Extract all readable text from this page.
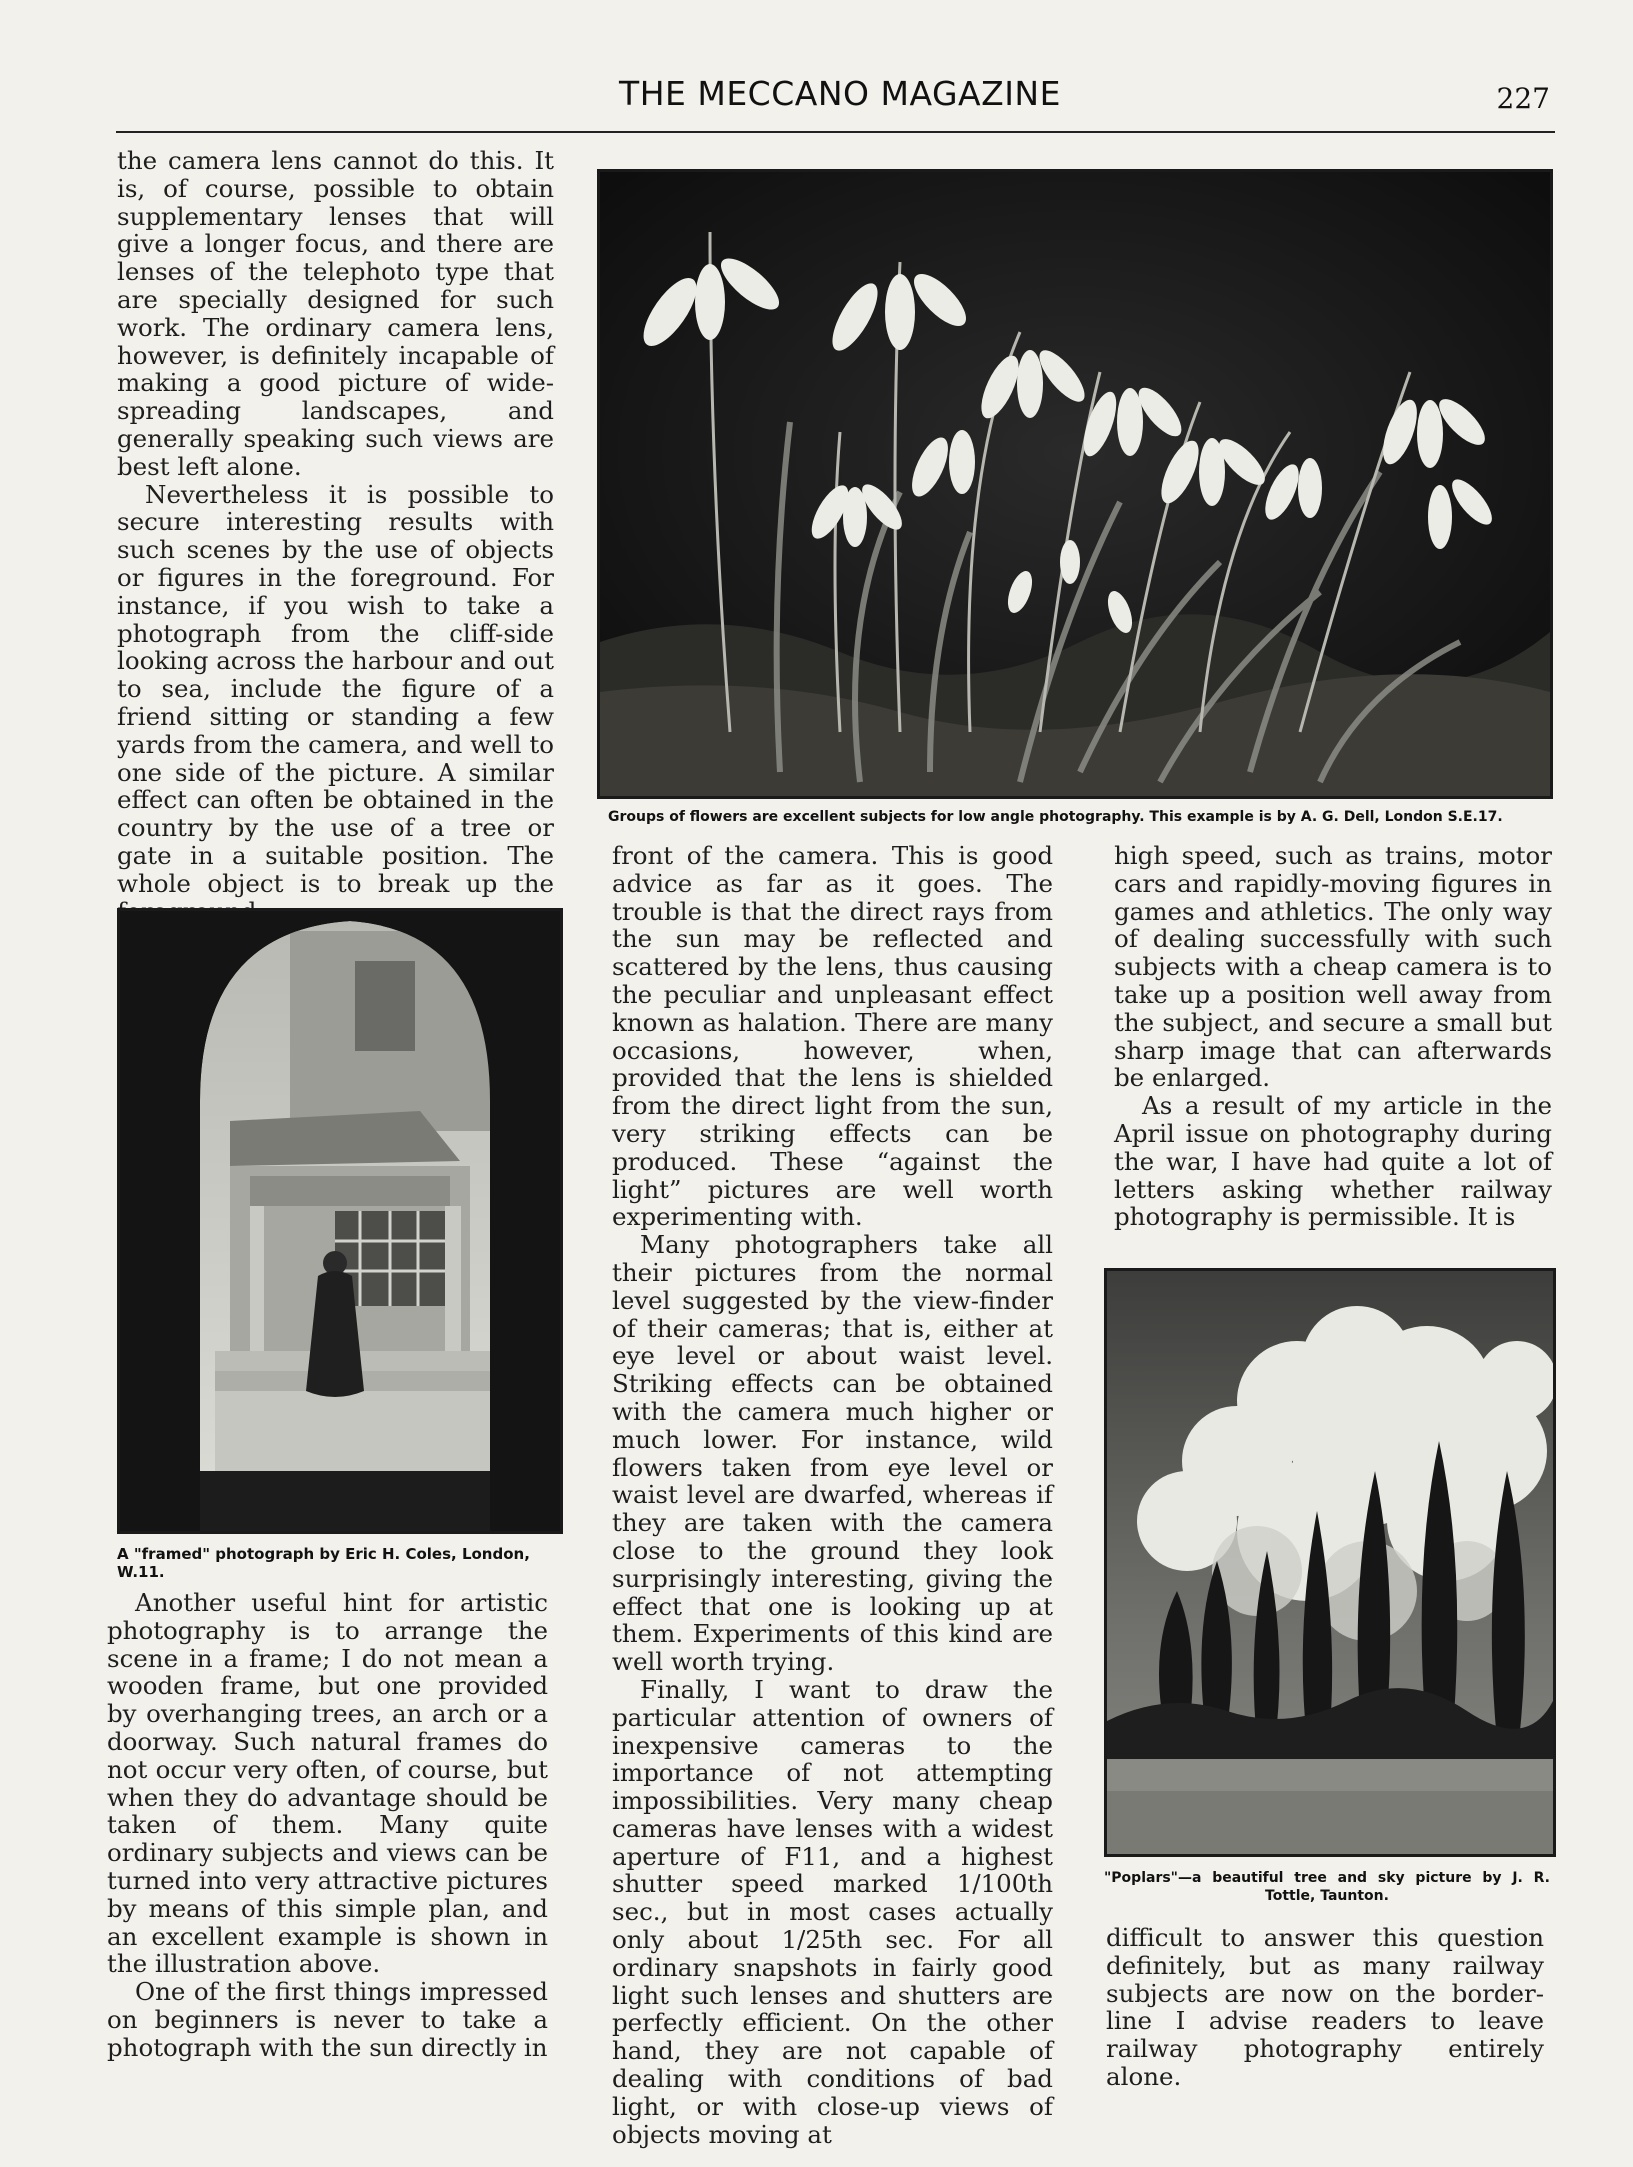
THE MECCANO MAGAZINE	227

the camera lens cannot do this. It is, of course, possible to obtain supplementary lenses that will give a longer focus, and there are lenses of the telephoto type that are specially designed for such work. The ordinary camera lens, however, is definitely incapable of making a good picture of wide-spreading landscapes, and generally speaking such views are best left alone.

Nevertheless it is possible to secure interesting results with such scenes by the use of objects or figures in the foreground. For instance, if you wish to take a photograph from the cliff-side looking across the harbour and out to sea, include the figure of a friend sitting or standing a few yards from the camera, and well to one side of the picture. A similar effect can often be obtained in the country by the use of a tree or gate in a suitable position. The whole object is to break up the

Groups of flowers are excellent subjects for low angle photography. This example is by A. G. Dell, London S.E.17.
A "framed" photograph by Eric H. Coles, London, W.11.

Another useful hint for artistic photography is to arrange the scene in a frame; I do not mean a wooden frame, but one provided by overhanging trees, an arch or a doorway. Such natural frames do not occur very often, of course, but when they do advantage should be taken of them. Many quite ordinary subjects and views can be turned into very attractive pictures by means of this simple plan, and an excellent example is shown in the illustration above.

One of the first things impressed on beginners is never to take a photograph with the sun directly in

front of the camera. This is good advice as far as it goes. The trouble is that the direct rays from the sun may be reflected and scattered by the lens, thus causing the peculiar and unpleasant effect known as halation. There are many occasions, however, when, provided that the lens is shielded from the direct light from the sun, very striking effects can be produced. These “against the light” pictures are well worth experimenting with.

Many photographers take all their pictures from the normal level suggested by the view-finder of their cameras; that is, either at eye level or about waist level. Striking effects can be obtained with the camera much higher or much lower. For instance, wild flowers taken from eye level or waist level are dwarfed, whereas if they are taken with the camera close to the ground they look surprisingly interesting, giving the effect that one is looking up at them. Experiments of this kind are well worth trying.

Finally, I want to draw the particular attention of owners of inexpensive cameras to the importance of not attempting impossibilities. Very many cheap cameras have lenses with a widest aperture of F11, and a highest shutter speed marked 1/100th sec., but in most cases actually only about 1/25th sec. For all ordinary snapshots in fairly good light such lenses and shutters are perfectly efficient. On the other hand, they are not capable of dealing with conditions of bad light, or with close-up views of objects moving at

high speed, such as trains, motor cars and rapidly-moving figures in games and athletics. The only way of dealing successfully with such subjects with a cheap camera is to take up a position well away from the subject, and secure a small but sharp image that can afterwards be enlarged.

As a result of my article in the April issue on photography during the war, I have had quite a lot of letters asking whether railway photography is permissible. It is

"Poplars"—a beautiful tree and sky picture by J. R. Tottle, Taunton.

difficult to answer this question definitely, but as many railway subjects are now on the border-line I advise readers to leave railway photography entirely alone.
